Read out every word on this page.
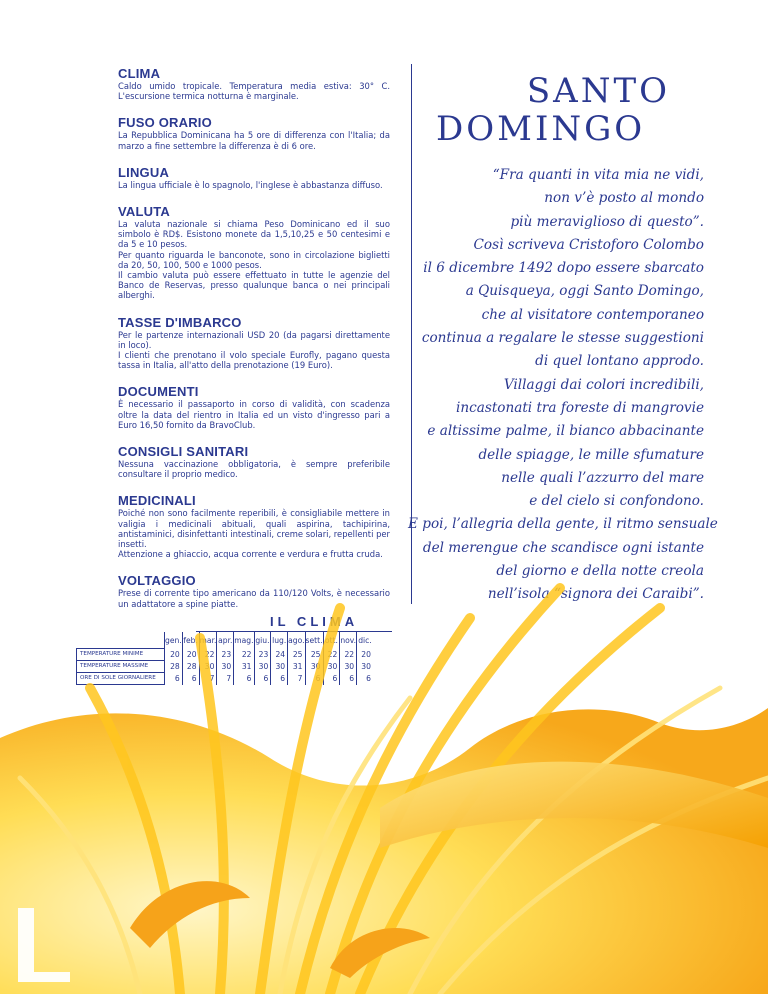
CLIMA

Caldo umido tropicale. Temperatura media estiva: 30° C. L'escursione termica notturna è marginale.

FUSO ORARIO

La Repubblica Dominicana ha 5 ore di differenza con l'Italia; da marzo a fine settembre la differenza è di 6 ore.

LINGUA

La lingua ufficiale è lo spagnolo, l'inglese è abbastanza diffuso.

VALUTA

La valuta nazionale si chiama Peso Dominicano ed il suo simbolo è RD$. Esistono monete da 1,5,10,25 e 50 centesimi e da 5 e 10 pesos.
Per quanto riguarda le banconote, sono in circolazione biglietti da 20, 50, 100, 500 e 1000 pesos.
Il cambio valuta può essere effettuato in tutte le agenzie del Banco de Reservas, presso qualunque banca o nei principali alberghi.

TASSE D'IMBARCO

Per le partenze internazionali USD 20 (da pagarsi direttamente in loco).
I clienti che prenotano il volo speciale Eurofly, pagano questa tassa in Italia, all'atto della prenotazione (19 Euro).

DOCUMENTI

È necessario il passaporto in corso di validità, con scadenza oltre la data del rientro in Italia ed un visto d'ingresso pari a Euro 16,50 fornito da BravoClub.

CONSIGLI SANITARI

Nessuna vaccinazione obbligatoria, è sempre preferibile consultare il proprio medico.

MEDICINALI

Poiché non sono facilmente reperibili, è consigliabile mettere in valigia i medicinali abituali, quali aspirina, tachipirina, antistaminici, disinfettanti intestinali, creme solari, repellenti per insetti.
Attenzione a ghiaccio, acqua corrente e verdura e frutta cruda.

VOLTAGGIO

Prese di corrente tipo americano da 110/120 Volts, è necessario un adattatore a spine piatte.

SANTO
DOMINGO

“Fra quanti in vita mia ne vidi,
non v’è posto al mondo
più meraviglioso di questo”.
Così scriveva Cristoforo Colombo
il 6 dicembre 1492 dopo essere sbarcato
a Quisqueya, oggi Santo Domingo,
che al visitatore contemporaneo
continua a regalare le stesse suggestioni
di quel lontano approdo.
Villaggi dai colori incredibili,
incastonati tra foreste di mangrovie
e altissime palme, il bianco abbacinante
delle spiagge, le mille sfumature
nelle quali l’azzurro del mare
e del cielo si confondono.
E poi, l’allegria della gente, il ritmo sensuale
del merengue che scandisce ogni istante
del giorno e della notte creola
nell’isola “signora dei Caraibi”.

IL CLIMA
	gen.	feb.	mar.	apr.	mag.	giu.	lug.	ago.	sett.	ott.	nov.	dic.
TEMPERATURE MINIME	20	20	22	23	22	23	24	25	25	22	22	20
TEMPERATURE MASSIME	28	28	30	30	31	30	30	31	30	30	30	30
ORE DI SOLE GIORNALIERE	6	6	7	7	6	6	6	7	6	6	6	6
